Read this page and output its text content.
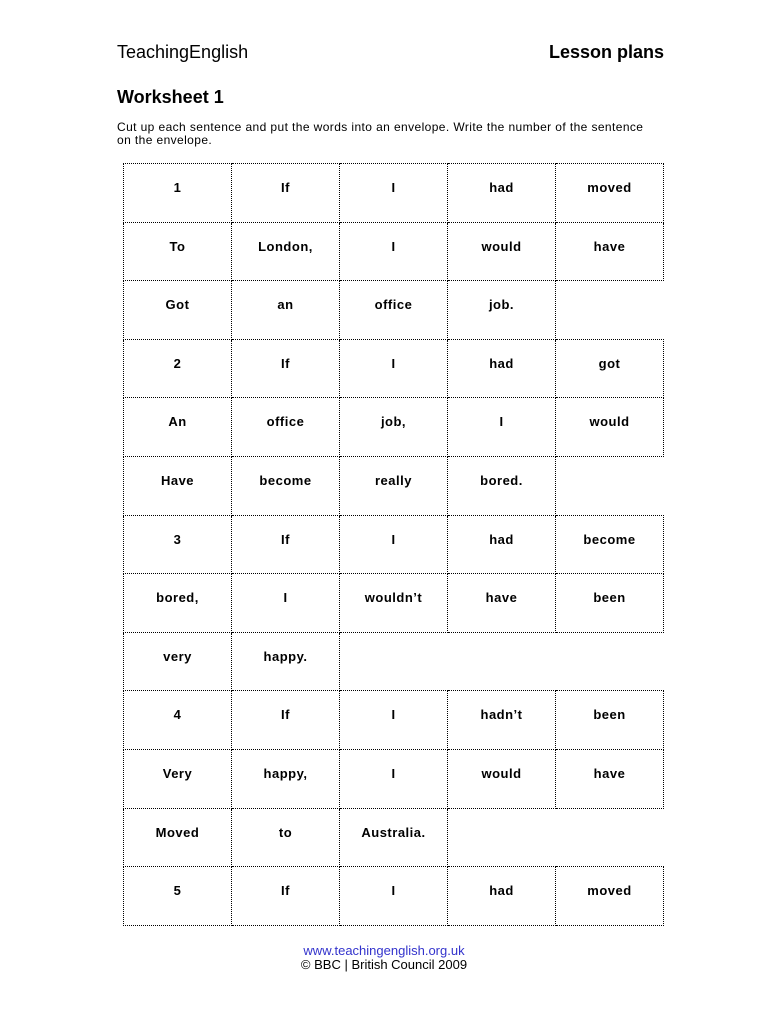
TeachingEnglish	Lesson plans
Worksheet 1

Cut up each sentence and put the words into an envelope. Write the number of the sentence on the envelope.

1	If	I	had	moved
To	London,	I	would	have
Got	an	office	job.	
2	If	I	had	got
An	office	job,	I	would
Have	become	really	bored.	
3	If	I	had	become
bored,	I	wouldn’t	have	been
very	happy.			
4	If	I	hadn’t	been
Very	happy,	I	would	have
Moved	to	Australia.		
5	If	I	had	moved
www.teachingenglish.org.uk
© BBC | British Council 2009
